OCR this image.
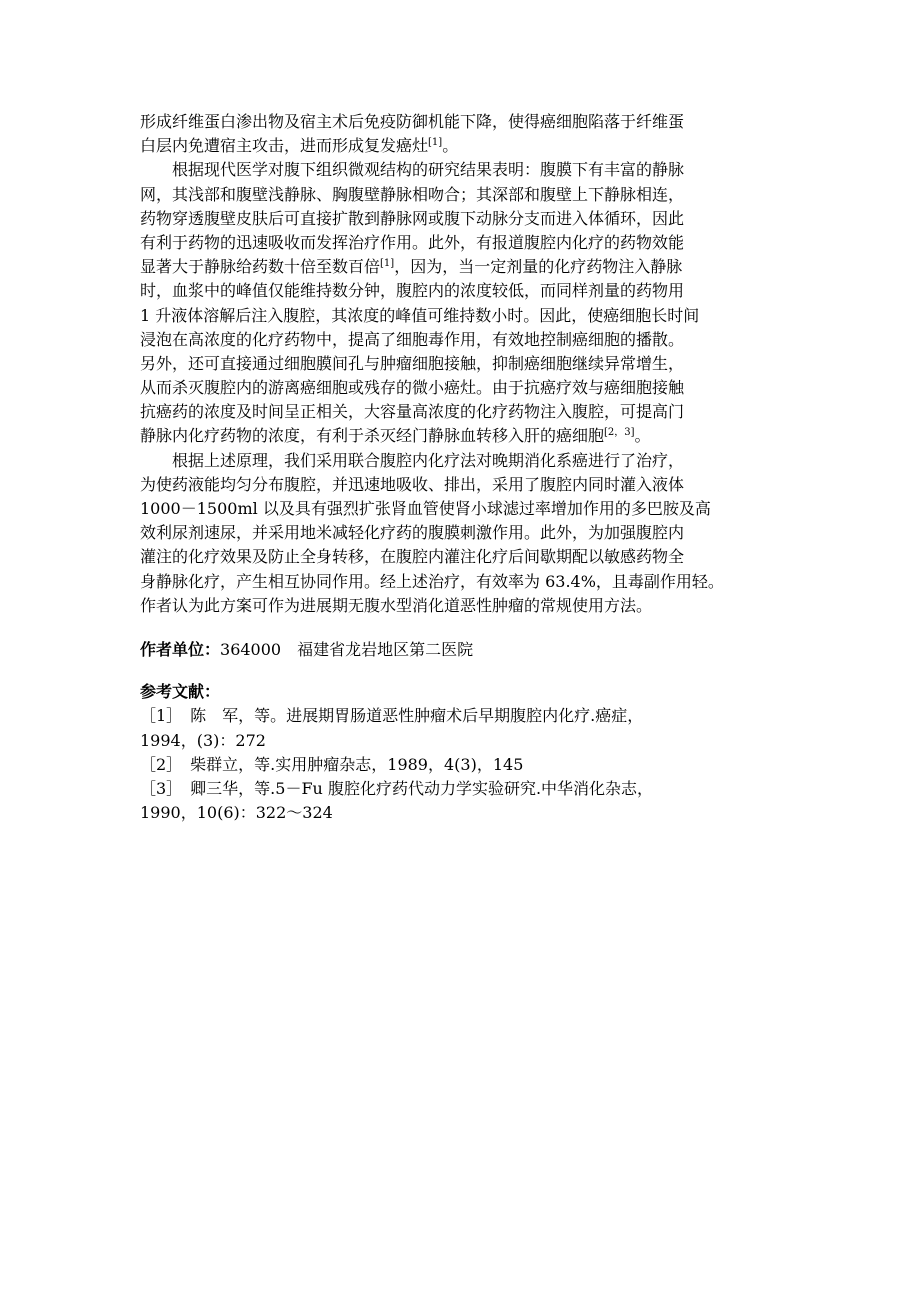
形成纤维蛋白渗出物及宿主术后免疫防御机能下降，使得癌细胞陷落于纤维蛋
白层内免遭宿主攻击，进而形成复发癌灶[1]。
根据现代医学对腹下组织微观结构的研究结果表明：腹膜下有丰富的静脉
网，其浅部和腹壁浅静脉、胸腹壁静脉相吻合；其深部和腹壁上下静脉相连，
药物穿透腹壁皮肤后可直接扩散到静脉网或腹下动脉分支而进入体循环，因此
有利于药物的迅速吸收而发挥治疗作用。此外，有报道腹腔内化疗的药物效能
显著大于静脉给药数十倍至数百倍[1]，因为，当一定剂量的化疗药物注入静脉
时，血浆中的峰值仅能维持数分钟，腹腔内的浓度较低，而同样剂量的药物用
1 升液体溶解后注入腹腔，其浓度的峰值可维持数小时。因此，使癌细胞长时间
浸泡在高浓度的化疗药物中，提高了细胞毒作用，有效地控制癌细胞的播散。
另外，还可直接通过细胞膜间孔与肿瘤细胞接触，抑制癌细胞继续异常增生，
从而杀灭腹腔内的游离癌细胞或残存的微小癌灶。由于抗癌疗效与癌细胞接触
抗癌药的浓度及时间呈正相关，大容量高浓度的化疗药物注入腹腔，可提高门
静脉内化疗药物的浓度，有利于杀灭经门静脉血转移入肝的癌细胞[2，3]。
根据上述原理，我们采用联合腹腔内化疗法对晚期消化系癌进行了治疗，
为使药液能均匀分布腹腔，并迅速地吸收、排出，采用了腹腔内同时灌入液体
1000－1500ml 以及具有强烈扩张肾血管使肾小球滤过率增加作用的多巴胺及高
效利尿剂速尿，并采用地米减轻化疗药的腹膜刺激作用。此外，为加强腹腔内
灌注的化疗效果及防止全身转移，在腹腔内灌注化疗后间歇期配以敏感药物全
身静脉化疗，产生相互协同作用。经上述治疗，有效率为 63.4%，且毒副作用轻。
作者认为此方案可作为进展期无腹水型消化道恶性肿瘤的常规使用方法。
作者单位：364000　福建省龙岩地区第二医院
参考文献：
［1］　陈　军，等。进展期胃肠道恶性肿瘤术后早期腹腔内化疗.癌症，
1994，(3)：272
［2］　柴群立，等.实用肿瘤杂志，1989，4(3)，145
［3］　卿三华，等.5－Fu 腹腔化疗药代动力学实验研究.中华消化杂志，
1990，10(6)：322～324
